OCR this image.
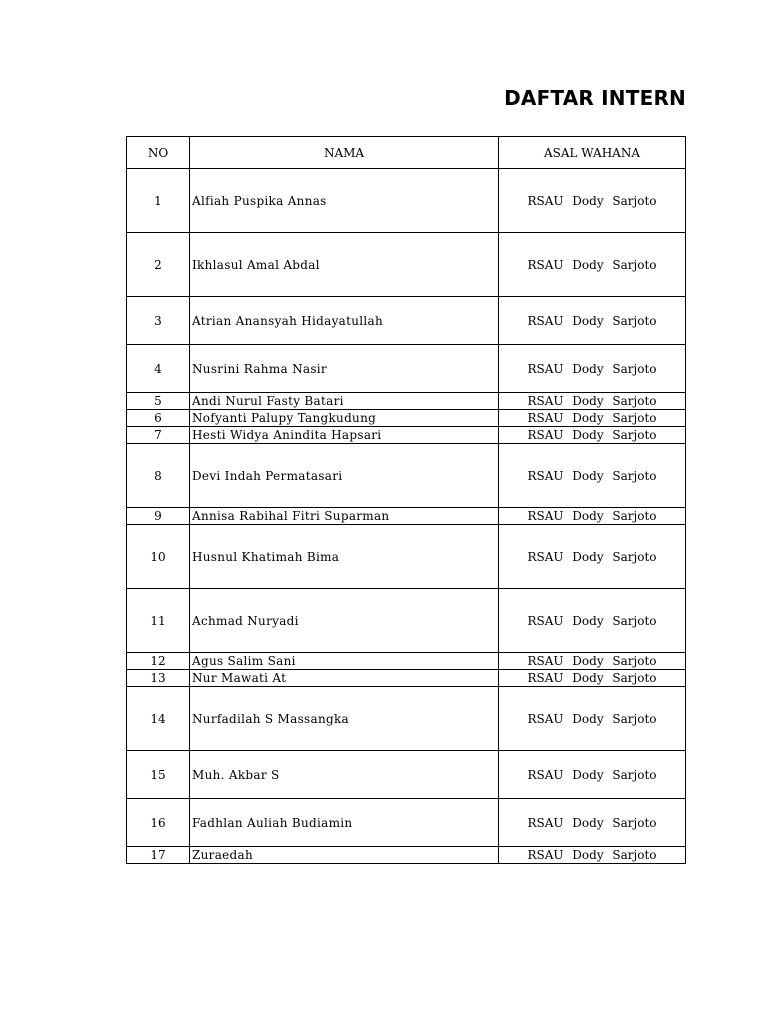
DAFTAR INTERN
NO	NAMA	ASAL WAHANA
1	Alfiah Puspika Annas	RSAU Dody Sarjoto
2	Ikhlasul Amal Abdal	RSAU Dody Sarjoto
3	Atrian Anansyah Hidayatullah	RSAU Dody Sarjoto
4	Nusrini Rahma Nasir	RSAU Dody Sarjoto
5	Andi Nurul Fasty Batari	RSAU Dody Sarjoto
6	Nofyanti Palupy Tangkudung	RSAU Dody Sarjoto
7	Hesti Widya Anindita Hapsari	RSAU Dody Sarjoto
8	Devi Indah Permatasari	RSAU Dody Sarjoto
9	Annisa Rabihal Fitri Suparman	RSAU Dody Sarjoto
10	Husnul Khatimah Bima	RSAU Dody Sarjoto
11	Achmad Nuryadi	RSAU Dody Sarjoto
12	Agus Salim Sani	RSAU Dody Sarjoto
13	Nur Mawati At	RSAU Dody Sarjoto
14	Nurfadilah S Massangka	RSAU Dody Sarjoto
15	Muh. Akbar S	RSAU Dody Sarjoto
16	Fadhlan Auliah Budiamin	RSAU Dody Sarjoto
17	Zuraedah	RSAU Dody Sarjoto
